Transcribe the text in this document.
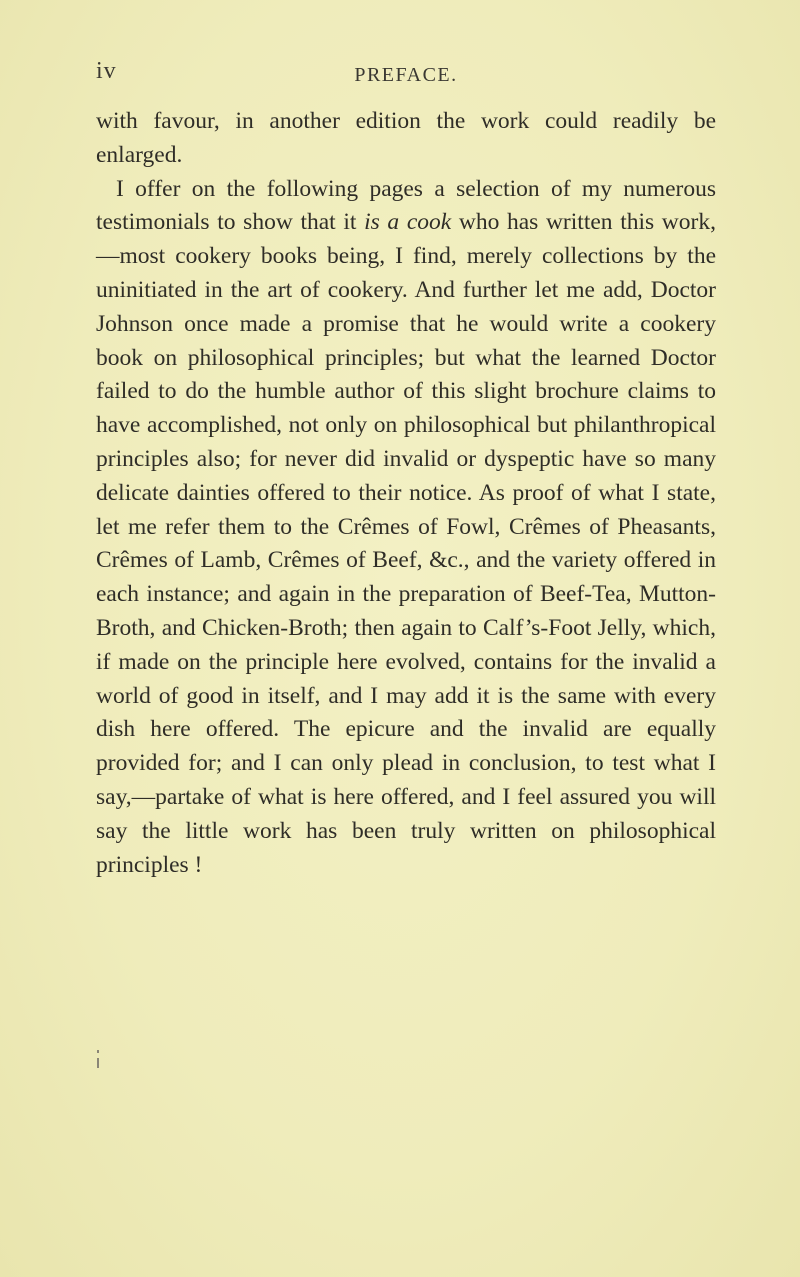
iv	PREFACE.

with favour, in another edition the work could readily be enlarged.

I offer on the following pages a selection of my numerous testimonials to show that it is a cook who has written this work,—most cookery books being, I find, merely collections by the uninitiated in the art of cookery. And further let me add, Doctor Johnson once made a promise that he would write a cookery book on philosophical principles; but what the learned Doctor failed to do the humble author of this slight brochure claims to have accomplished, not only on philosophical but philanthropical principles also; for never did invalid or dyspeptic have so many delicate dainties offered to their notice. As proof of what I state, let me refer them to the Crêmes of Fowl, Crêmes of Pheasants, Crêmes of Lamb, Crêmes of Beef, &c., and the variety offered in each instance; and again in the preparation of Beef-Tea, Mutton-Broth, and Chicken-Broth; then again to Calf’s-Foot Jelly, which, if made on the principle here evolved, contains for the invalid a world of good in itself, and I may add it is the same with every dish here offered. The epicure and the invalid are equally provided for; and I can only plead in conclusion, to test what I say,—partake of what is here offered, and I feel assured you will say the little work has been truly written on philosophical principles !
